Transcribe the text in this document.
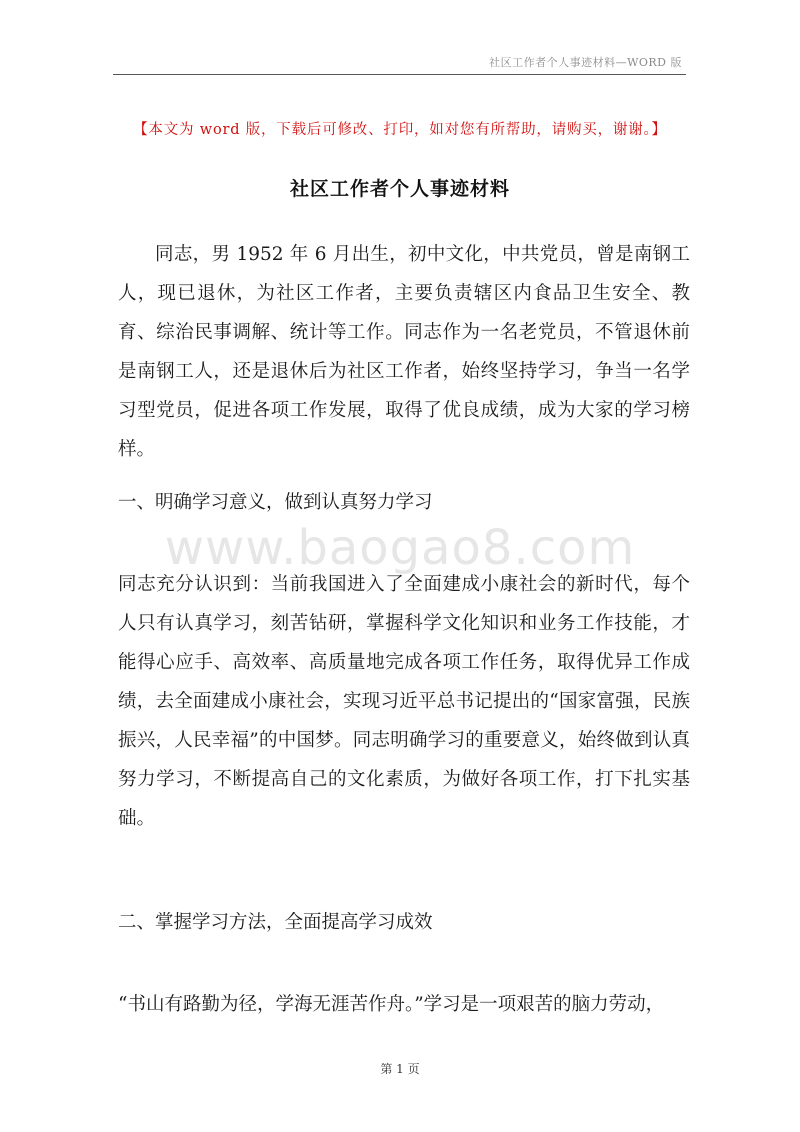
社区工作者个人事迹材料—WORD 版
【本文为 word 版，下载后可修改、打印，如对您有所帮助，请购买，谢谢。】
社区工作者个人事迹材料
同志，男 1952 年 6 月出生，初中文化，中共党员，曾是南钢工人，现已退休，为社区工作者，主要负责辖区内食品卫生安全、教育、综治民事调解、统计等工作。同志作为一名老党员，不管退休前是南钢工人，还是退休后为社区工作者，始终坚持学习，争当一名学习型党员，促进各项工作发展，取得了优良成绩，成为大家的学习榜样。
一、明确学习意义，做到认真努力学习
www.baogao8.com
同志充分认识到：当前我国进入了全面建成小康社会的新时代，每个人只有认真学习，刻苦钻研，掌握科学文化知识和业务工作技能，才能得心应手、高效率、高质量地完成各项工作任务，取得优异工作成绩，去全面建成小康社会，实现习近平总书记提出的“国家富强，民族振兴，人民幸福”的中国梦。同志明确学习的重要意义，始终做到认真努力学习，不断提高自己的文化素质，为做好各项工作，打下扎实基础。
二、掌握学习方法，全面提高学习成效
“书山有路勤为径，学海无涯苦作舟。”学习是一项艰苦的脑力劳动，
第 1 页
